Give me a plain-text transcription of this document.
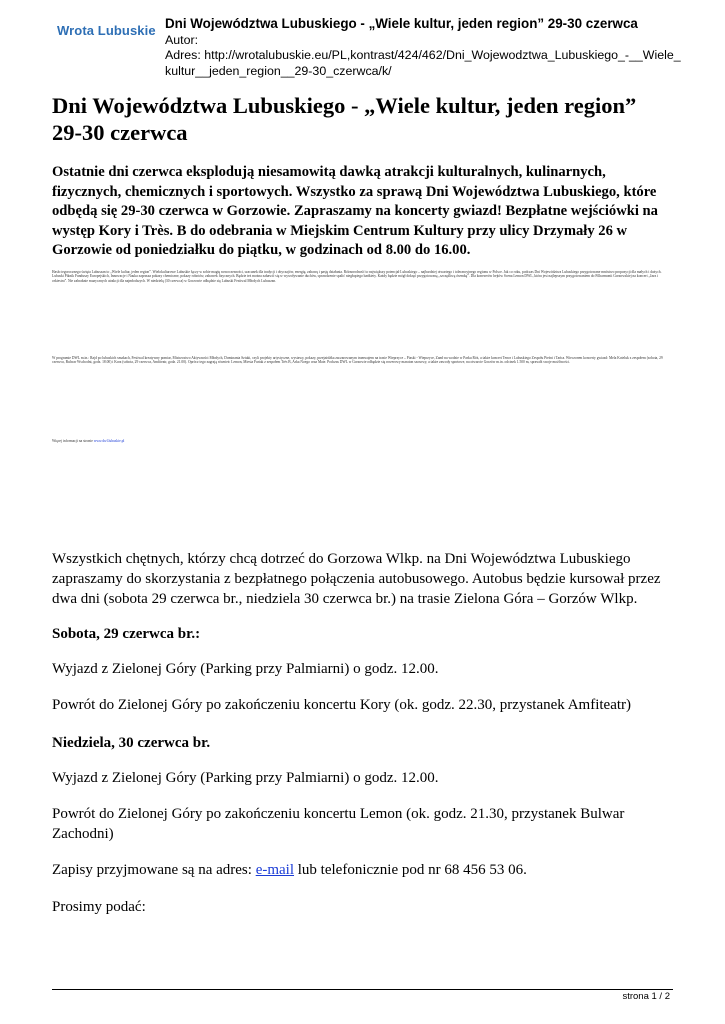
Wrota Lubuskie Dni Województwa Lubuskiego - „Wiele kultur, jeden region” 29-30 czerwca
Autor:
Adres: http://wrotalubuskie.eu/PL,kontrast/424/462/Dni_Wojewodztwa_Lubuskiego_-__Wiele_
kultur__jeden_region__29-30_czerwca/k/
Dni Województwa Lubuskiego - „Wiele kultur, jeden region”
29-30 czerwca

Ostatnie dni czerwca eksplodują niesamowitą dawką atrakcji kulturalnych, kulinarnych, fizycznych, chemicznych i sportowych. Wszystko za sprawą Dni Województwa Lubuskiego, które odbędą się 29-30 czerwca w Gorzowie. Zapraszamy na koncerty gwiazd! Bezpłatne wejściówki na występ Kory i Très. B do odebrania w Miejskim Centrum Kultury przy ulicy Drzymały 26 w Gorzowie od poniedziałku do piątku, w godzinach od 8.00 do 16.00.

Hasło tegorocznego święta Lubuszan to „Wiele kultur, jeden region”. Wielokulturowe Lubuskie łączy w sobie magię nowoczesności, szacunek dla tradycji i obyczajów, energię, zabawę i pasję działania. Różnorodność to największy potencjał Lubuskiego – najbardziej otwartego i tolerancyjnego regionu w Polsce. Jak co roku, podczas Dni Województwa Lubuskiego przygotowane mnóstwo propozycji dla małych i dużych. Lubuski Piknik Funduszy Europejskich, Innowacje i Nauka zaprasza pokazy chemiczne, pokazy robotów, zabawek fizycznych. Będzie też można zabawić się w wywoływanie duchów, sprawdzenie spalić niegłupiego bańkiety. Każdy będzie mógł dokręć przygotowaną „szczęśliwą ósemkę”. Dla koneserów hejtów Scena Lemon DWL, która jest najlepszym przygotowaniem do Filharmonii Gorzowskiej na koncert „Jazz i orkiestra”. Nie zabraknie muzycznych atrakcji dla najmłodszych. W niedzielę (30 czerwca) w Gorzowie odbędzie się Lubuski Festiwal Młodych Lubuszan.

W programie DWL m.in.: Rajd po lubuskich smakach, Festiwal kreatywny pomiar, Mistrzostwo Aktywności Młodych, Dominanta Sztuki, czyli projekty artystyczne, wystawy, pokazy, przejażdżka zaczarowanym tramwajem na trasie Wieprzyce – Piaski - Wieprzyce, Zamł na wodzie w Parku Róż, a także koncert Tenor i Lubuskiego Zespołu Pieśni i Tańca. Wieczorem koncerty gwiazd: Mela Koteluk z zespołem (sobota, 29 czerwca, Bulwar Wschodni, godz. 18.00) i Kora (sobota, 29 czerwca, Amfiteatr, godz. 21.00). Oprócz tego zagrają również: Lemon, Miesia Furtak z zespołem Très B, Arka Noego oraz Mate. Podczas DWL w Gorzowie odbędzie się rowerowy maraton szosowy, a także zawody sportowe, na otwarcie Gorzów m.in. odcinek 1.500 m, sprawdź swoje możliwości.

Więcej informacji na stronie www.dwl.lubuskie.pl

Wszystkich chętnych, którzy chcą dotrzeć do Gorzowa Wlkp. na Dni Województwa Lubuskiego zapraszamy do skorzystania z bezpłatnego połączenia autobusowego. Autobus będzie kursował przez dwa dni (sobota 29 czerwca br., niedziela 30 czerwca br.) na trasie Zielona Góra – Gorzów Wlkp.

Sobota, 29 czerwca br.:

Wyjazd z Zielonej Góry (Parking przy Palmiarni) o godz. 12.00.

Powrót do Zielonej Góry po zakończeniu koncertu Kory (ok. godz. 22.30, przystanek Amfiteatr)

Niedziela, 30 czerwca br.

Wyjazd z Zielonej Góry (Parking przy Palmiarni) o godz. 12.00.

Powrót do Zielonej Góry po zakończeniu koncertu Lemon (ok. godz. 21.30, przystanek Bulwar Zachodni)

Zapisy przyjmowane są na adres: e-mail lub telefonicznie pod nr 68 456 53 06.

Prosimy podać:

strona 1 / 2
